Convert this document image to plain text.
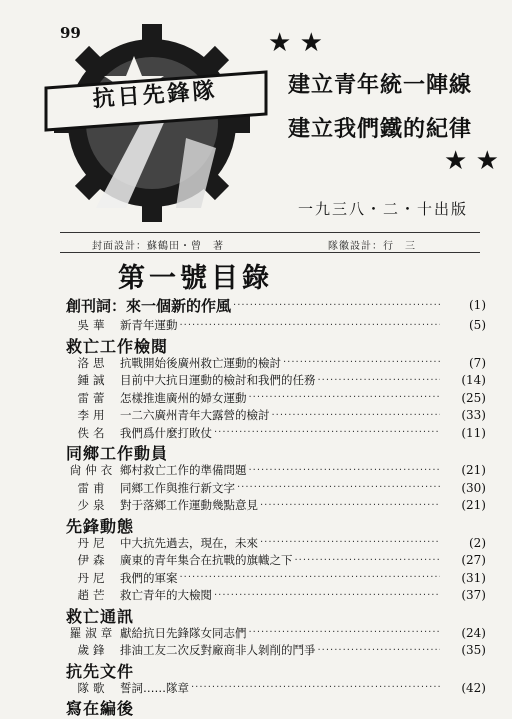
99
抗日先鋒隊
★ ★
★ ★
建立青年統一陣線
建立我們鐵的紀律
一九三八・二・十出版
封面設計：蘇鶴田・曾　著	隊徽設計：行　三
第一號目錄
創刊詞：來一個新的作風 ·····	(1)
吳華	新青年運動 ·····	(5)
救亡工作檢閱
洛思	抗戰開始後廣州救亡運動的檢討 ·····	(7)
鍾誠	目前中大抗日運動的檢討和我們的任務 ·····	(14)
雷蕾	怎樣推進廣州的婦女運動 ·····	(25)
李用	一二六廣州青年大露營的檢討 ·····	(33)
佚名	我們爲什麼打敗仗 ·····	(11)
同鄉工作動員
尙仲衣 鄉村救亡工作的準備問題 ·····	(21)
雷甫	同鄉工作與推行新文字 ·····	(30)
少泉	對于落鄉工作運動幾點意見 ·····	(21)
先鋒動態
丹尼	中大抗先過去，現在，未來 ·····	(2)
伊森	廣東的青年集合在抗戰的旗幟之下 ·····	(27)
丹尼	我們的軍案 ·····	(31)
趙芒	救亡青年的大檢閱 ·····	(37)
救亡通訊
羅淑章 獻給抗日先鋒隊女同志們 ·····	(24)
歲鋒	排油工友二次反對廠商非人剝削的鬥爭 ·····	(35)
抗先文件
隊歌	誓詞……隊章 ·····	(42)
寫在編後
